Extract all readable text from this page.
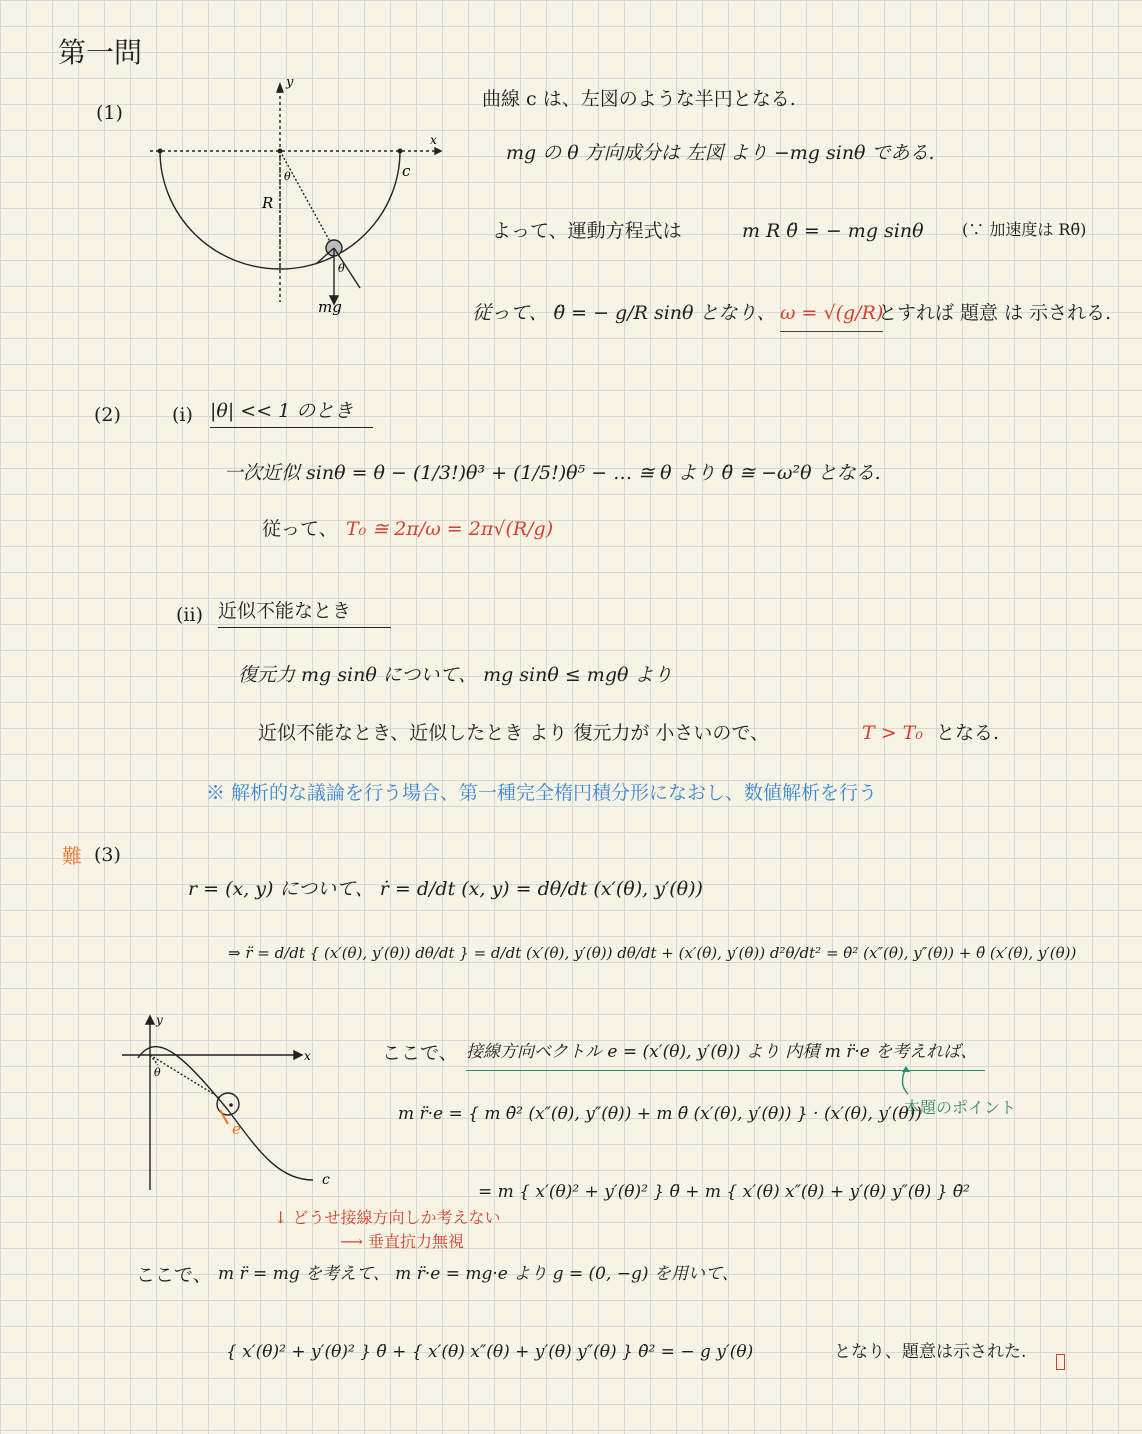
第一問
(1)
y
x
c
R
θ
θ
mg
曲線 c は、左図のような半円となる.
mg の θ 方向成分は 左図 より −mg sinθ である.
よって、運動方程式は	m R θ̈ = − mg sinθ (∵ 加速度は Rθ̈)
従って、 θ̈ = − g/R sinθ となり、 ω = √(g/R)
とすれば 題意 は 示される.
(2)	(i) |θ| << 1 のとき
一次近似 sinθ = θ − (1/3!)θ³ + (1/5!)θ⁵ − … ≅ θ より θ̈ ≅ −ω²θ となる.
従って、 T₀ ≅ 2π/ω = 2π√(R/g)
(ii) 近似不能なとき
復元力 mg sinθ について、 mg sinθ ≤ mgθ より
近似不能なとき、近似したとき より 復元力が 小さいので、	T > T₀ となる.
※ 解析的な議論を行う場合、第一種完全楕円積分形になおし、数値解析を行う
難 (3)
r = (x, y) について、 ṙ = d/dt (x, y) = dθ/dt (x′(θ), y′(θ))
⇒ r̈ = d/dt { (x′(θ), y′(θ)) dθ/dt } = d/dt (x′(θ), y′(θ)) dθ/dt + (x′(θ), y′(θ)) d²θ/dt² = θ̇² (x″(θ), y″(θ)) + θ̈ (x′(θ), y′(θ))
y
x
θ
e
c
ここで、 接線方向ベクトル e = (x′(θ), y′(θ)) より 内積 m r̈·e を考えれば、
本題のポイント
m r̈·e = { m θ̇² (x″(θ), y″(θ)) + m θ̈ (x′(θ), y′(θ)) } · (x′(θ), y′(θ))
= m { x′(θ)² + y′(θ)² } θ̈ + m { x′(θ) x″(θ) + y′(θ) y″(θ) } θ̇²
↓ どうせ接線方向しか考えない
⟶ 垂直抗力無視
ここで、 m r̈ = mg を考えて、 m r̈·e = mg·e より g = (0, −g) を用いて、
{ x′(θ)² + y′(θ)² } θ̈ + { x′(θ) x″(θ) + y′(θ) y″(θ) } θ̇² = − g y′(θ)	となり、題意は示された.
